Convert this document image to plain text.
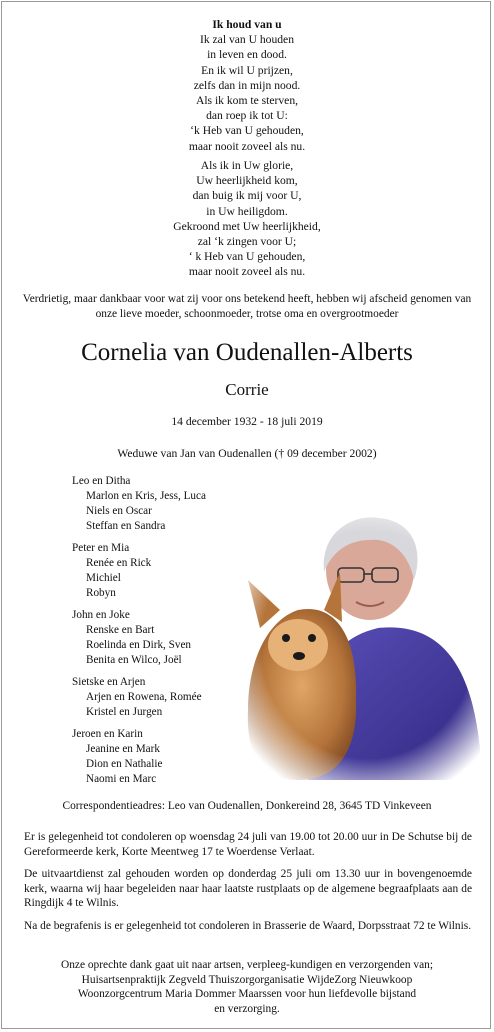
Ik houd van u
Ik zal van U houden
in leven en dood.
En ik wil U prijzen,
zelfs dan in mijn nood.
Als ik kom te sterven,
dan roep ik tot U:
‘k Heb van U gehouden,
maar nooit zoveel als nu.
Als ik in Uw glorie,
Uw heerlijkheid kom,
dan buig ik mij voor U,
in Uw heiligdom.
Gekroond met Uw heerlijkheid,
zal ‘k zingen voor U;
‘ k Heb van U gehouden,
maar nooit zoveel als nu.
Verdrietig, maar dankbaar voor wat zij voor ons betekend heeft, hebben wij afscheid genomen van onze lieve moeder, schoonmoeder, trotse oma en overgrootmoeder
Cornelia van Oudenallen-Alberts
Corrie
14 december 1932 - 18 juli 2019
Weduwe van Jan van Oudenallen († 09 december 2002)
Leo en Ditha
Marlon en Kris, Jess, Luca
Niels en Oscar
Steffan en Sandra
Peter en Mia
Renée en Rick
Michiel
Robyn
John en Joke
Renske en Bart
Roelinda en Dirk, Sven
Benita en Wilco, Joël
Sietske en Arjen
Arjen en Rowena, Romée
Kristel en Jurgen
Jeroen en Karin
Jeanine en Mark
Dion en Nathalie
Naomi en Marc
Correspondentieadres: Leo van Oudenallen, Donkereind 28, 3645 TD Vinkeveen
Er is gelegenheid tot condoleren op woensdag 24 juli van 19.00 tot 20.00 uur in De Schutse bij de Gereformeerde kerk, Korte Meentweg 17 te Woerdense Verlaat.
De uitvaartdienst zal gehouden worden op donderdag 25 juli om 13.30 uur in bovengenoemde kerk, waarna wij haar begeleiden naar haar laatste rustplaats op de algemene begraafplaats aan de Ringdijk 4 te Wilnis.
Na de begrafenis is er gelegenheid tot condoleren in Brasserie de Waard, Dorpsstraat 72 te Wilnis.
Onze oprechte dank gaat uit naar artsen, verpleeg-kundigen en verzorgenden van;
Huisartsenpraktijk Zegveld Thuiszorgorganisatie WijdeZorg Nieuwkoop
Woonzorgcentrum Maria Dommer Maarssen voor hun liefdevolle bijstand
en verzorging.
